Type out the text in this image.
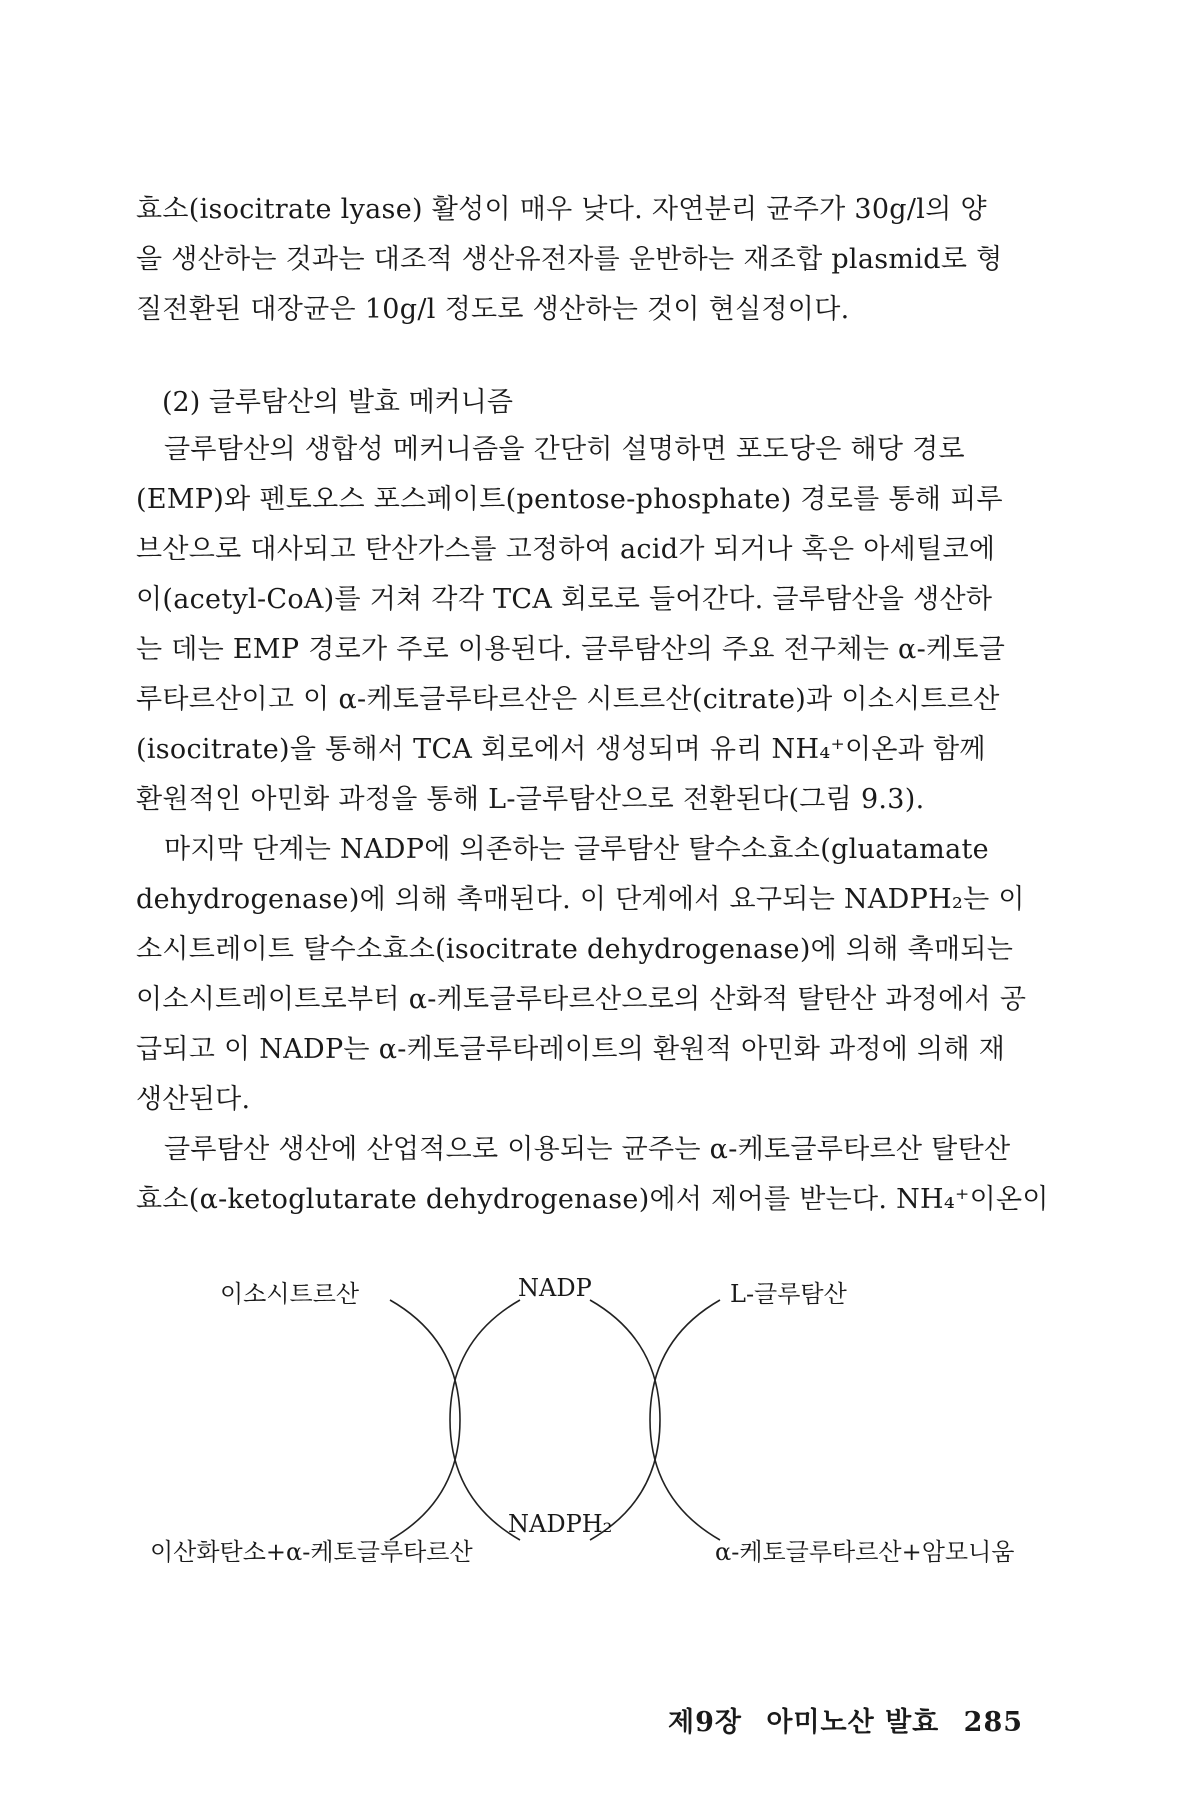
효소(isocitrate lyase) 활성이 매우 낮다. 자연분리 균주가 30g/l의 양
을 생산하는 것과는 대조적 생산유전자를 운반하는 재조합 plasmid로 형
질전환된 대장균은 10g/l 정도로 생산하는 것이 현실정이다.
(2) 글루탐산의 발효 메커니즘
글루탐산의 생합성 메커니즘을 간단히 설명하면 포도당은 해당 경로
(EMP)와 펜토오스 포스페이트(pentose-phosphate) 경로를 통해 피루
브산으로 대사되고 탄산가스를 고정하여 acid가 되거나 혹은 아세틸코에
이(acetyl-CoA)를 거쳐 각각 TCA 회로로 들어간다. 글루탐산을 생산하
는 데는 EMP 경로가 주로 이용된다. 글루탐산의 주요 전구체는 α-케토글
루타르산이고 이 α-케토글루타르산은 시트르산(citrate)과 이소시트르산
(isocitrate)을 통해서 TCA 회로에서 생성되며 유리 NH₄⁺이온과 함께
환원적인 아민화 과정을 통해 L-글루탐산으로 전환된다(그림 9.3).
마지막 단계는 NADP에 의존하는 글루탐산 탈수소효소(gluatamate
dehydrogenase)에 의해 촉매된다. 이 단계에서 요구되는 NADPH₂는 이
소시트레이트 탈수소효소(isocitrate dehydrogenase)에 의해 촉매되는
이소시트레이트로부터 α-케토글루타르산으로의 산화적 탈탄산 과정에서 공
급되고 이 NADP는 α-케토글루타레이트의 환원적 아민화 과정에 의해 재
생산된다.
글루탐산 생산에 산업적으로 이용되는 균주는 α-케토글루타르산 탈탄산
효소(α-ketoglutarate dehydrogenase)에서 제어를 받는다. NH₄⁺이온이
이소시트르산	NADP	L-글루탐산
이산화탄소+α-케토글루타르산
NADPH₂
α-케토글루타르산+암모니움
제9장 아미노산 발효 285
